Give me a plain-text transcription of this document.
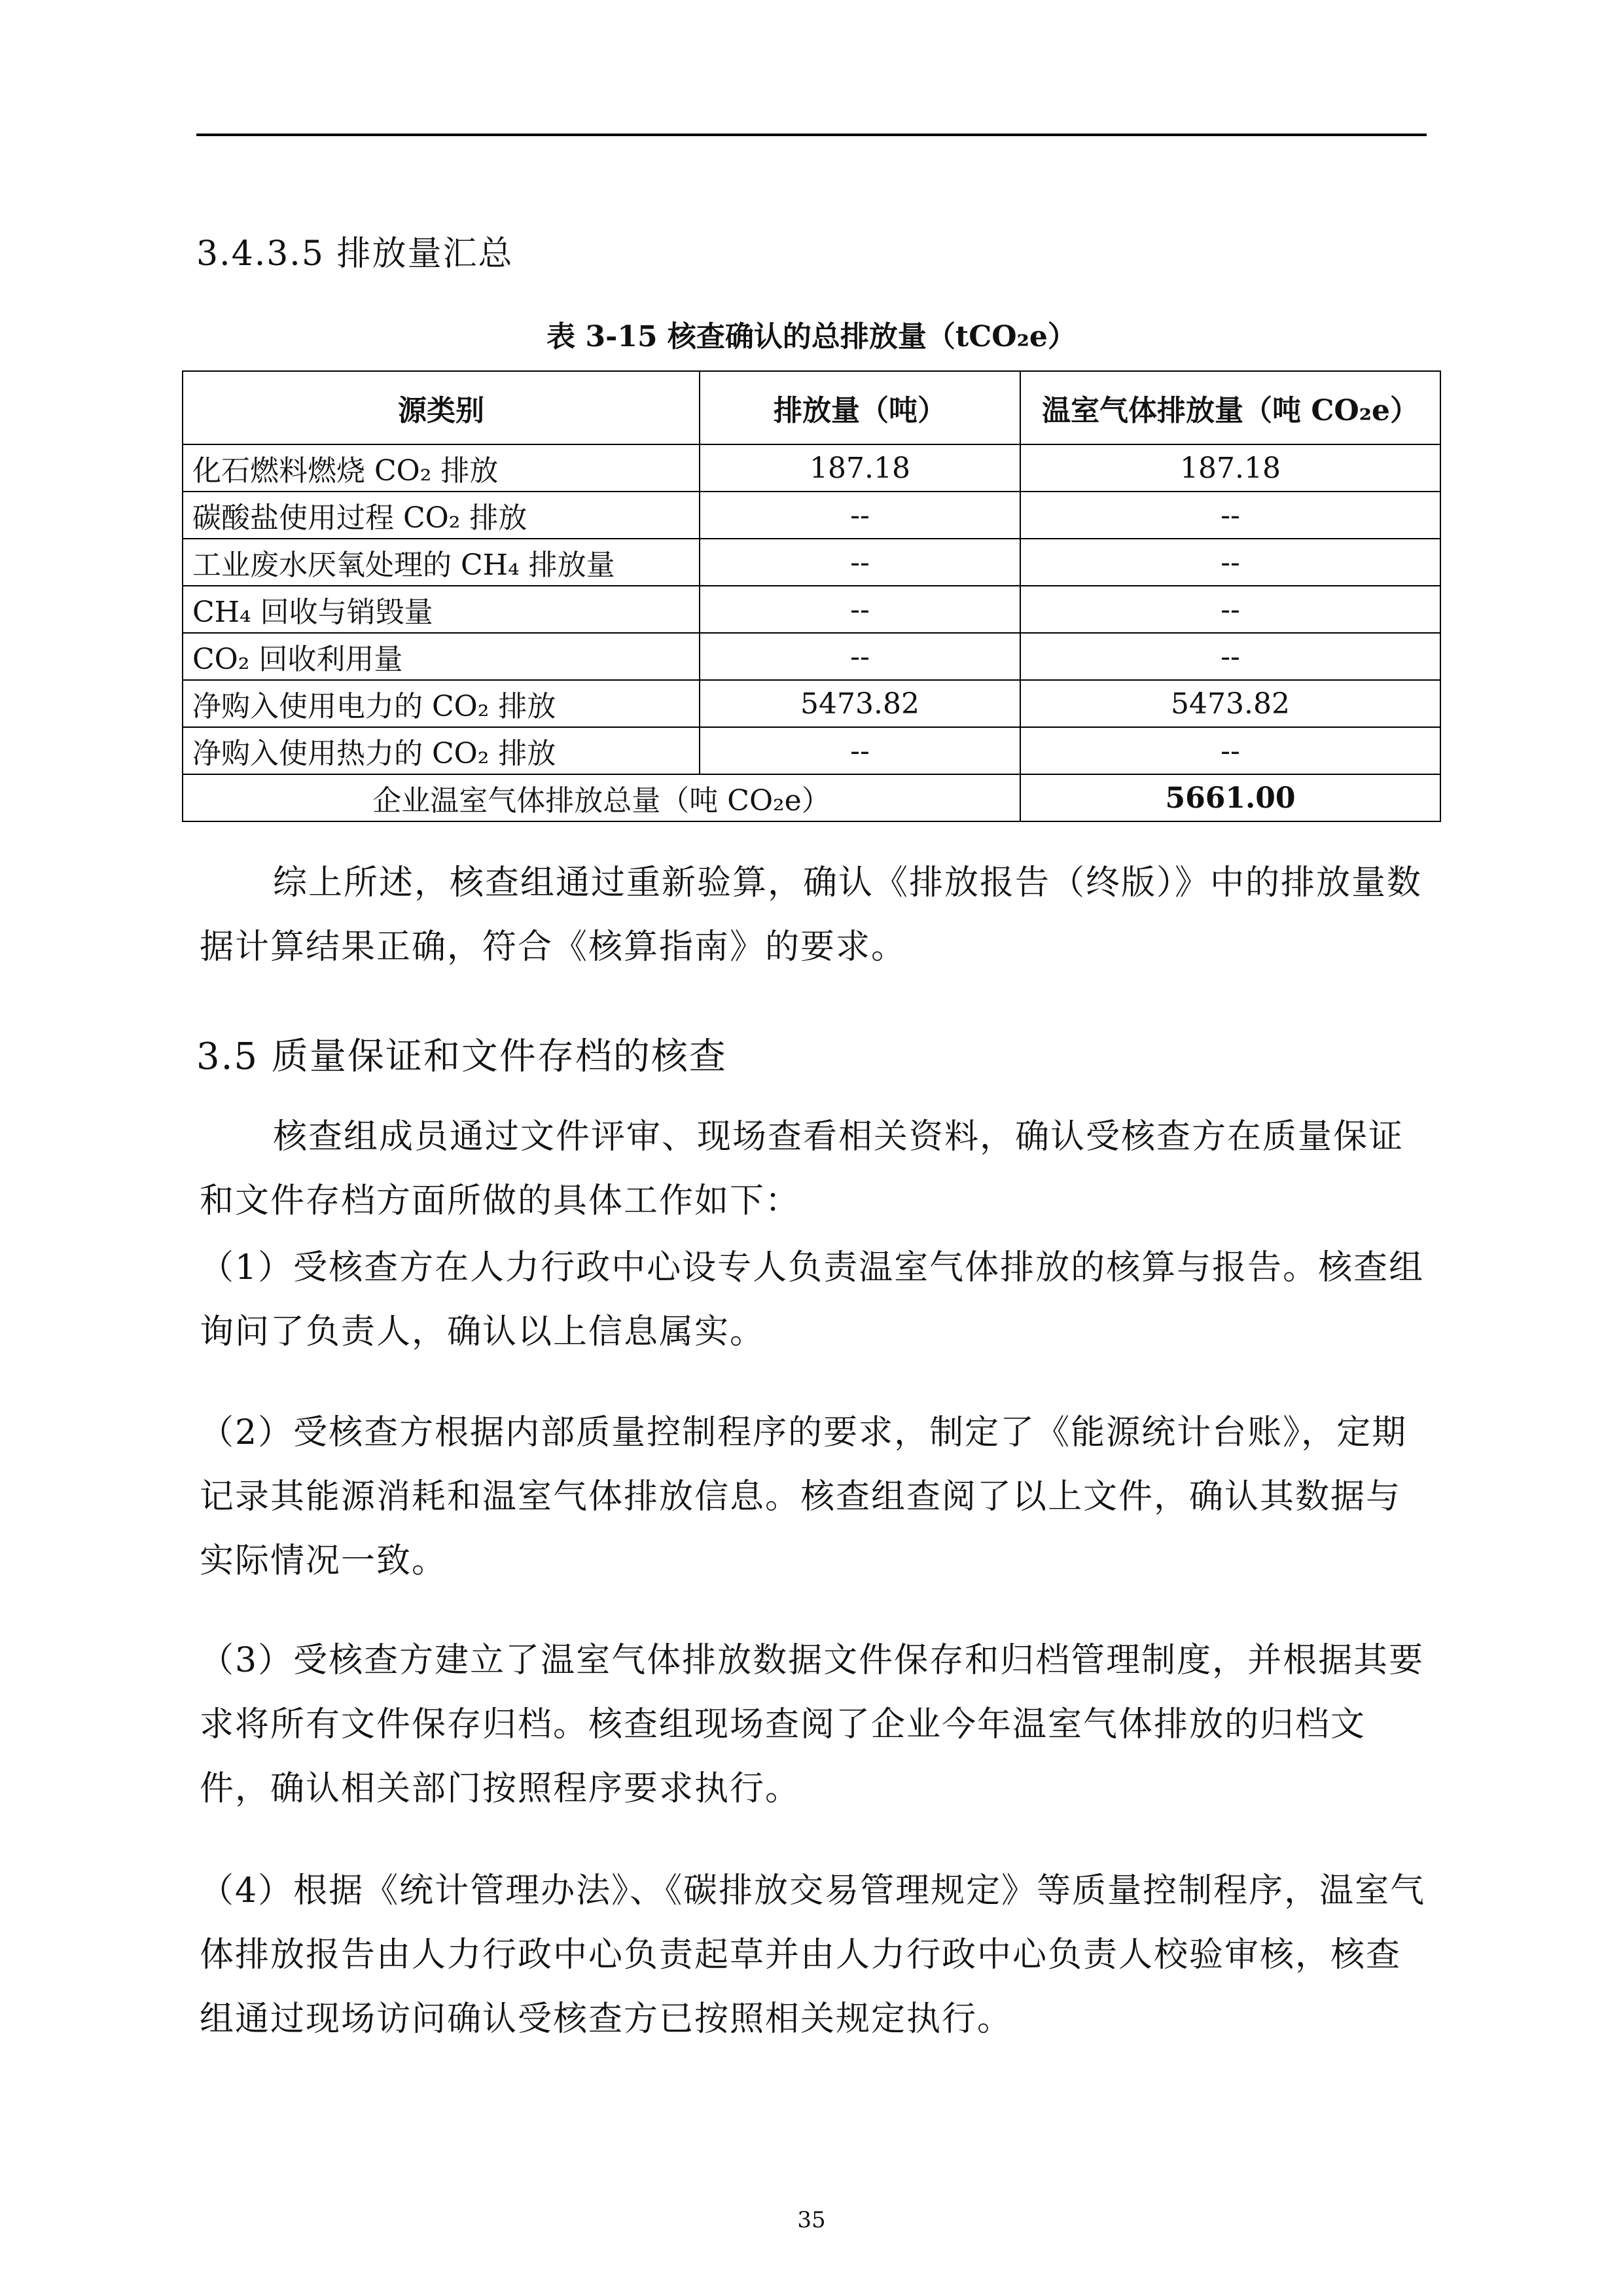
3.4.3.5 排放量汇总
表 3-15 核查确认的总排放量（tCO₂e）
源类别	排放量（吨）	温室气体排放量（吨 CO₂e）
化石燃料燃烧 CO₂ 排放	187.18	187.18
碳酸盐使用过程 CO₂ 排放	--	--
工业废水厌氧处理的 CH₄ 排放量	--	--
CH₄ 回收与销毁量	--	--
CO₂ 回收利用量	--	--
净购入使用电力的 CO₂ 排放	5473.82	5473.82
净购入使用热力的 CO₂ 排放	--	--
企业温室气体排放总量（吨 CO₂e）		5661.00
综上所述，核查组通过重新验算，确认《排放报告（终版）》中的排放量数据计算结果正确，符合《核算指南》的要求。
3.5 质量保证和文件存档的核查
核查组成员通过文件评审、现场查看相关资料，确认受核查方在质量保证和文件存档方面所做的具体工作如下：
（1）受核查方在人力行政中心设专人负责温室气体排放的核算与报告。核查组询问了负责人，确认以上信息属实。
（2）受核查方根据内部质量控制程序的要求，制定了《能源统计台账》，定期记录其能源消耗和温室气体排放信息。核查组查阅了以上文件，确认其数据与实际情况一致。
（3）受核查方建立了温室气体排放数据文件保存和归档管理制度，并根据其要求将所有文件保存归档。核查组现场查阅了企业今年温室气体排放的归档文件，确认相关部门按照程序要求执行。
（4）根据《统计管理办法》、《碳排放交易管理规定》等质量控制程序，温室气体排放报告由人力行政中心负责起草并由人力行政中心负责人校验审核，核查组通过现场访问确认受核查方已按照相关规定执行。
35
